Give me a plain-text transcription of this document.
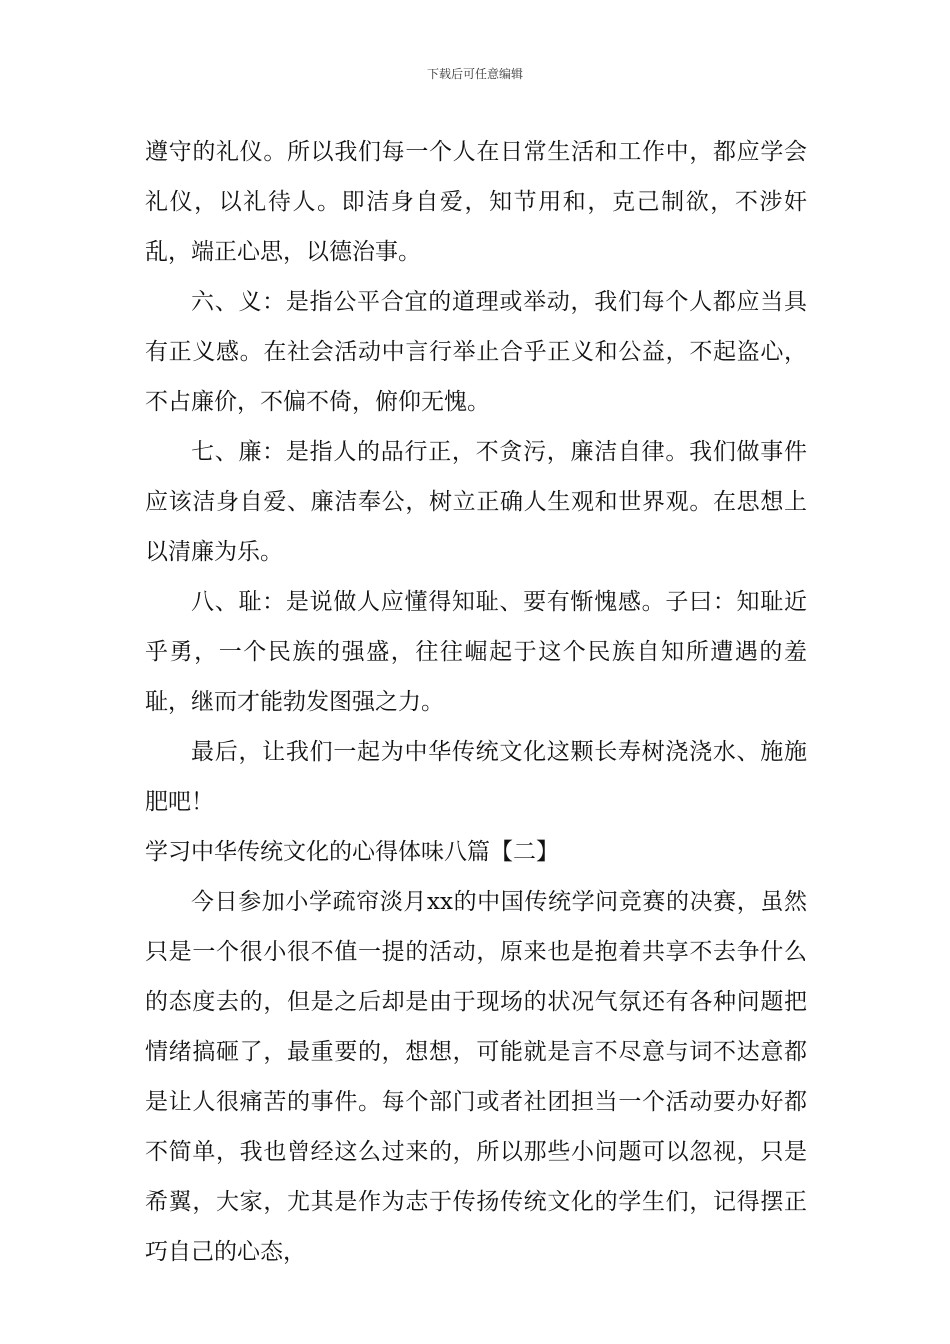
下载后可任意编辑

遵守的礼仪。所以我们每一个人在日常生活和工作中，都应学会礼仪，以礼待人。即洁身自爱，知节用和，克己制欲，不涉奸乱，端正心思，以德治事。

六、义：是指公平合宜的道理或举动，我们每个人都应当具有正义感。在社会活动中言行举止合乎正义和公益，不起盗心，不占廉价，不偏不倚，俯仰无愧。

七、廉：是指人的品行正，不贪污，廉洁自律。我们做事件应该洁身自爱、廉洁奉公，树立正确人生观和世界观。在思想上以清廉为乐。

八、耻：是说做人应懂得知耻、要有惭愧感。子曰：知耻近乎勇，一个民族的强盛，往往崛起于这个民族自知所遭遇的羞耻，继而才能勃发图强之力。

最后，让我们一起为中华传统文化这颗长寿树浇浇水、施施肥吧！

学习中华传统文化的心得体味八篇【二】

今日参加小学疏帘淡月xx的中国传统学问竞赛的决赛，虽然只是一个很小很不值一提的活动，原来也是抱着共享不去争什么的态度去的，但是之后却是由于现场的状况气氛还有各种问题把情绪搞砸了，最重要的，想想，可能就是言不尽意与词不达意都是让人很痛苦的事件。每个部门或者社团担当一个活动要办好都不简单，我也曾经这么过来的，所以那些小问题可以忽视，只是希翼，大家，尤其是作为志于传扬传统文化的学生们，记得摆正巧自己的心态，
